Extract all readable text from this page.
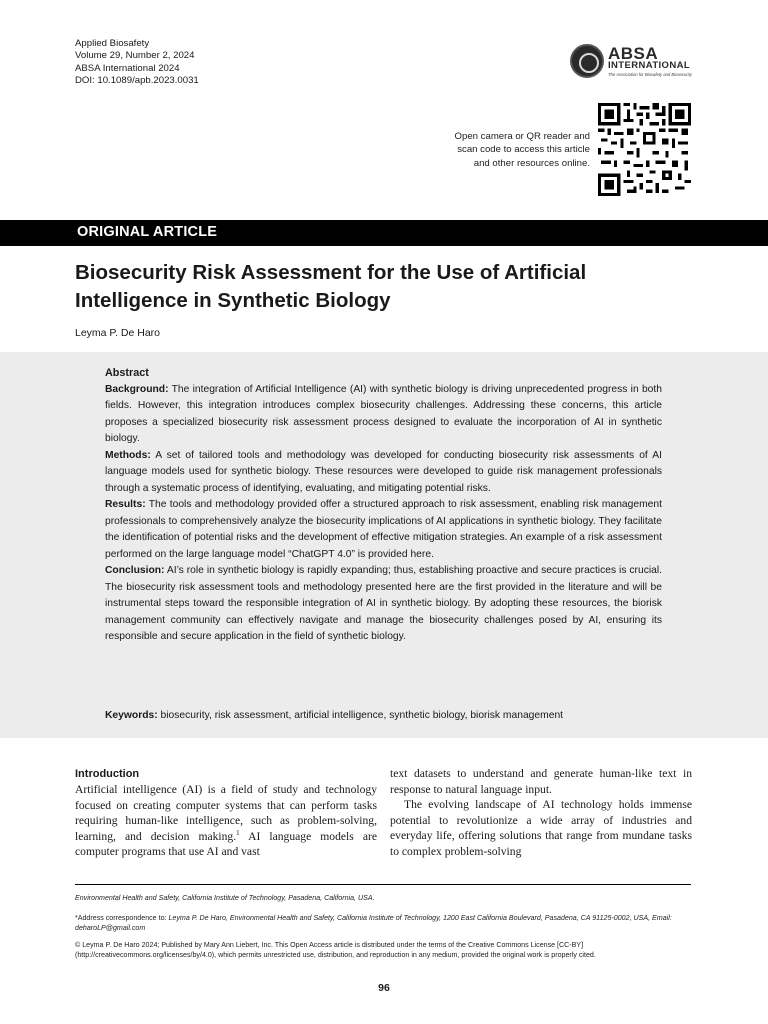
Applied Biosafety
Volume 29, Number 2, 2024
ABSA International 2024
DOI: 10.1089/apb.2023.0031
ABSA
INTERNATIONAL
The Association for Biosafety and Biosecurity
Open camera or QR reader and
scan code to access this article
and other resources online.
ORIGINAL ARTICLE
Biosecurity Risk Assessment for the Use of Artificial
Intelligence in Synthetic Biology
Leyma P. De Haro
Abstract

Background: The integration of Artificial Intelligence (AI) with synthetic biology is driving unprecedented progress in both fields. However, this integration introduces complex biosecurity challenges. Addressing these concerns, this article proposes a specialized biosecurity risk assessment process designed to evaluate the incorporation of AI in synthetic biology.

Methods: A set of tailored tools and methodology was developed for conducting biosecurity risk assessments of AI language models used for synthetic biology. These resources were developed to guide risk management professionals through a systematic process of identifying, evaluating, and mitigating potential risks.

Results: The tools and methodology provided offer a structured approach to risk assessment, enabling risk management professionals to comprehensively analyze the biosecurity implications of AI applications in synthetic biology. They facilitate the identification of potential risks and the development of effective mitigation strategies. An example of a risk assessment performed on the large language model “ChatGPT 4.0” is provided here.

Conclusion: AI’s role in synthetic biology is rapidly expanding; thus, establishing proactive and secure practices is crucial. The biosecurity risk assessment tools and methodology presented here are the first provided in the literature and will be instrumental steps toward the responsible integration of AI in synthetic biology. By adopting these resources, the biorisk management community can effectively navigate and manage the biosecurity challenges posed by AI, ensuring its responsible and secure application in the field of synthetic biology.

Keywords: biosecurity, risk assessment, artificial intelligence, synthetic biology, biorisk management
Introduction

Artificial intelligence (AI) is a field of study and technology focused on creating computer systems that can perform tasks requiring human-like intelligence, such as problem-solving, learning, and decision making.$^1$ AI language models are computer programs that use AI and vast

text datasets to understand and generate human-like text in response to natural language input.

The evolving landscape of AI technology holds immense potential to revolutionize a wide array of industries and everyday life, offering solutions that range from mundane tasks to complex problem-solving

Environmental Health and Safety, California Institute of Technology, Pasadena, California, USA.
*Address correspondence to: Leyma P. De Haro, Environmental Health and Safety, California Institute of Technology, 1200 East California Boulevard, Pasadena, CA 91125-0002, USA, Email: deharoLP@gmail.com
© Leyma P. De Haro 2024; Published by Mary Ann Liebert, Inc. This Open Access article is distributed under the terms of the Creative Commons License [CC-BY] (http://creativecommons.org/licenses/by/4.0), which permits unrestricted use, distribution, and reproduction in any medium, provided the original work is properly cited.
96
